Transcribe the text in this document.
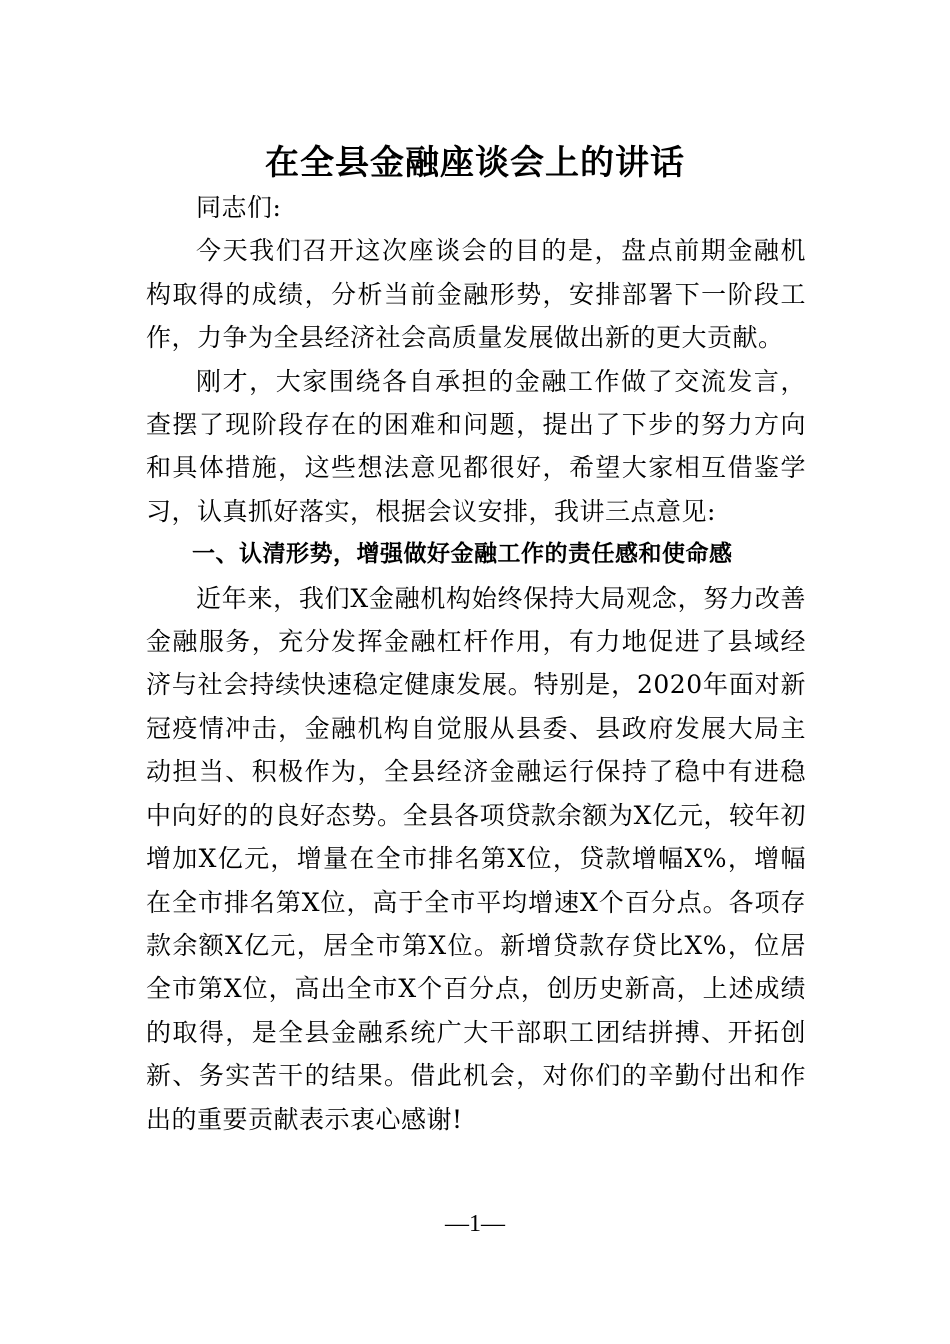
在全县金融座谈会上的讲话

同志们:

今天我们召开这次座谈会的目的是，盘点前期金融机构取得的成绩，分析当前金融形势，安排部署下一阶段工作，力争为全县经济社会高质量发展做出新的更大贡献。

刚才，大家围绕各自承担的金融工作做了交流发言，查摆了现阶段存在的困难和问题，提出了下步的努力方向和具体措施，这些想法意见都很好，希望大家相互借鉴学习，认真抓好落实，根据会议安排，我讲三点意见:

一、认清形势，增强做好金融工作的责任感和使命感

近年来，我们X金融机构始终保持大局观念，努力改善金融服务，充分发挥金融杠杆作用，有力地促进了县域经济与社会持续快速稳定健康发展。特别是，2020年面对新冠疫情冲击，金融机构自觉服从县委、县政府发展大局主动担当、积极作为，全县经济金融运行保持了稳中有进稳中向好的的良好态势。全县各项贷款余额为X亿元，较年初增加X亿元，增量在全市排名第X位，贷款增幅X%，增幅在全市排名第X位，高于全市平均增速X个百分点。各项存款余额X亿元，居全市第X位。新增贷款存贷比X%，位居全市第X位，高出全市X个百分点，创历史新高，上述成绩的取得，是全县金融系统广大干部职工团结拼搏、开拓创新、务实苦干的结果。借此机会，对你们的辛勤付出和作出的重要贡献表示衷心感谢!

—1—
